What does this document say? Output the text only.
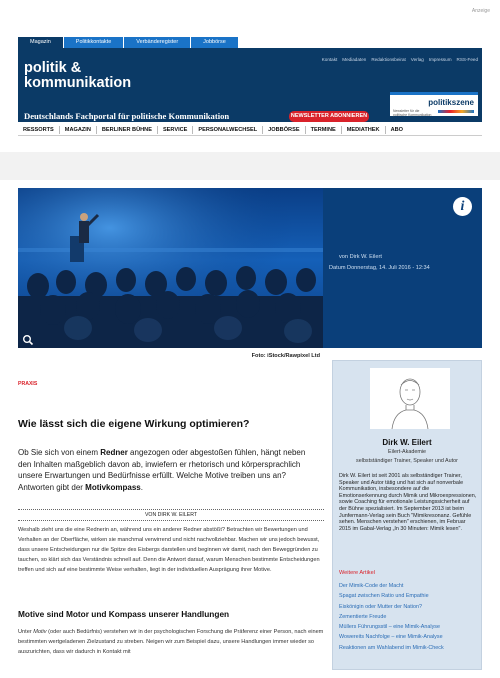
Anzeige
Magazin	Politikkontakte	Verbänderegister	Jobbörse
politik &
kommunikation
Kontakt Mediadaten Redaktionsbeirat Verlag Impressum RSS-Feed
Newsletter für die politische Kommunikation
politikszene
Deutschlands Fachportal für politische Kommunikation	NEWSLETTER ABONNIEREN
RESSORTS	MAGAZIN	BERLINER BÜHNE	SERVICE	PERSONALWECHSEL	JOBBÖRSE	TERMINE	MEDIATHEK	ABO
i
von Dirk W. Eilert
Datum Donnerstag, 14. Juli 2016 - 12:34
Foto: iStock/Rawpixel Ltd
PRAXIS
Wie lässt sich die eigene Wirkung optimieren?

Ob Sie sich von einem Redner angezogen oder abgestoßen fühlen, hängt neben den Inhalten maßgeblich davon ab, inwiefern er rhetorisch und körpersprachlich unsere Erwartungen und Bedürfnisse erfüllt. Welche Motive treiben uns an? Antworten gibt der Motivkompass.

VON DIRK W. EILERT

Weshalb zieht uns die eine Rednerin an, während uns ein anderer Redner abstößt? Betrachten wir Bewertungen und Verhalten an der Oberfläche, wirken sie manchmal verwirrend und nicht nachvollziehbar. Machen wir uns jedoch bewusst, dass unsere Entscheidungen nur die Spitze des Eisbergs darstellen und beginnen wir damit, nach den Beweggründen zu tauchen, so klärt sich das Verständnis schnell auf. Denn die Antwort darauf, warum Menschen bestimmte Entscheidungen treffen und sich auf eine bestimmte Weise verhalten, liegt in der individuellen Ausprägung ihrer Motive.

Motive sind Motor und Kompass unserer Handlungen

Unter Motiv (oder auch Bedürfnis) verstehen wir in der psychologischen Forschung die Präferenz einer Person, nach einem bestimmten wertgeladenen Zielzustand zu streben. Neigen wir zum Beispiel dazu, unsere Handlungen immer wieder so auszurichten, dass wir dadurch in Kontakt mit

Dirk W. Eilert
Eilert-Akademie
selbstständiger Trainer, Speaker und Autor

Dirk W. Eilert ist seit 2001 als selbständiger Trainer, Speaker und Autor tätig und hat sich auf nonverbale Kommunikation, insbesondere auf die Emotionserkennung durch Mimik und Mikroexpressionen, sowie Coaching für emotionale Leistungssicherheit auf der Bühne spezialisiert. Im September 2013 ist beim Junfermann-Verlag sein Buch "Mimikresonanz. Gefühle sehen. Menschen verstehen" erschienen, im Februar 2015 im Gabal-Verlag „In 30 Minuten: Mimik lesen".

Weitere Artikel
Der Mimik-Code der Macht
Spagat zwischen Ratio und Empathie
Eiskönigin oder Mutter der Nation?
Zementierte Freude
Müllers Führungsstil – eine Mimik-Analyse
Wowereits Nachfolge – eine Mimik-Analyse
Reaktionen am Wahlabend im Mimik-Check
